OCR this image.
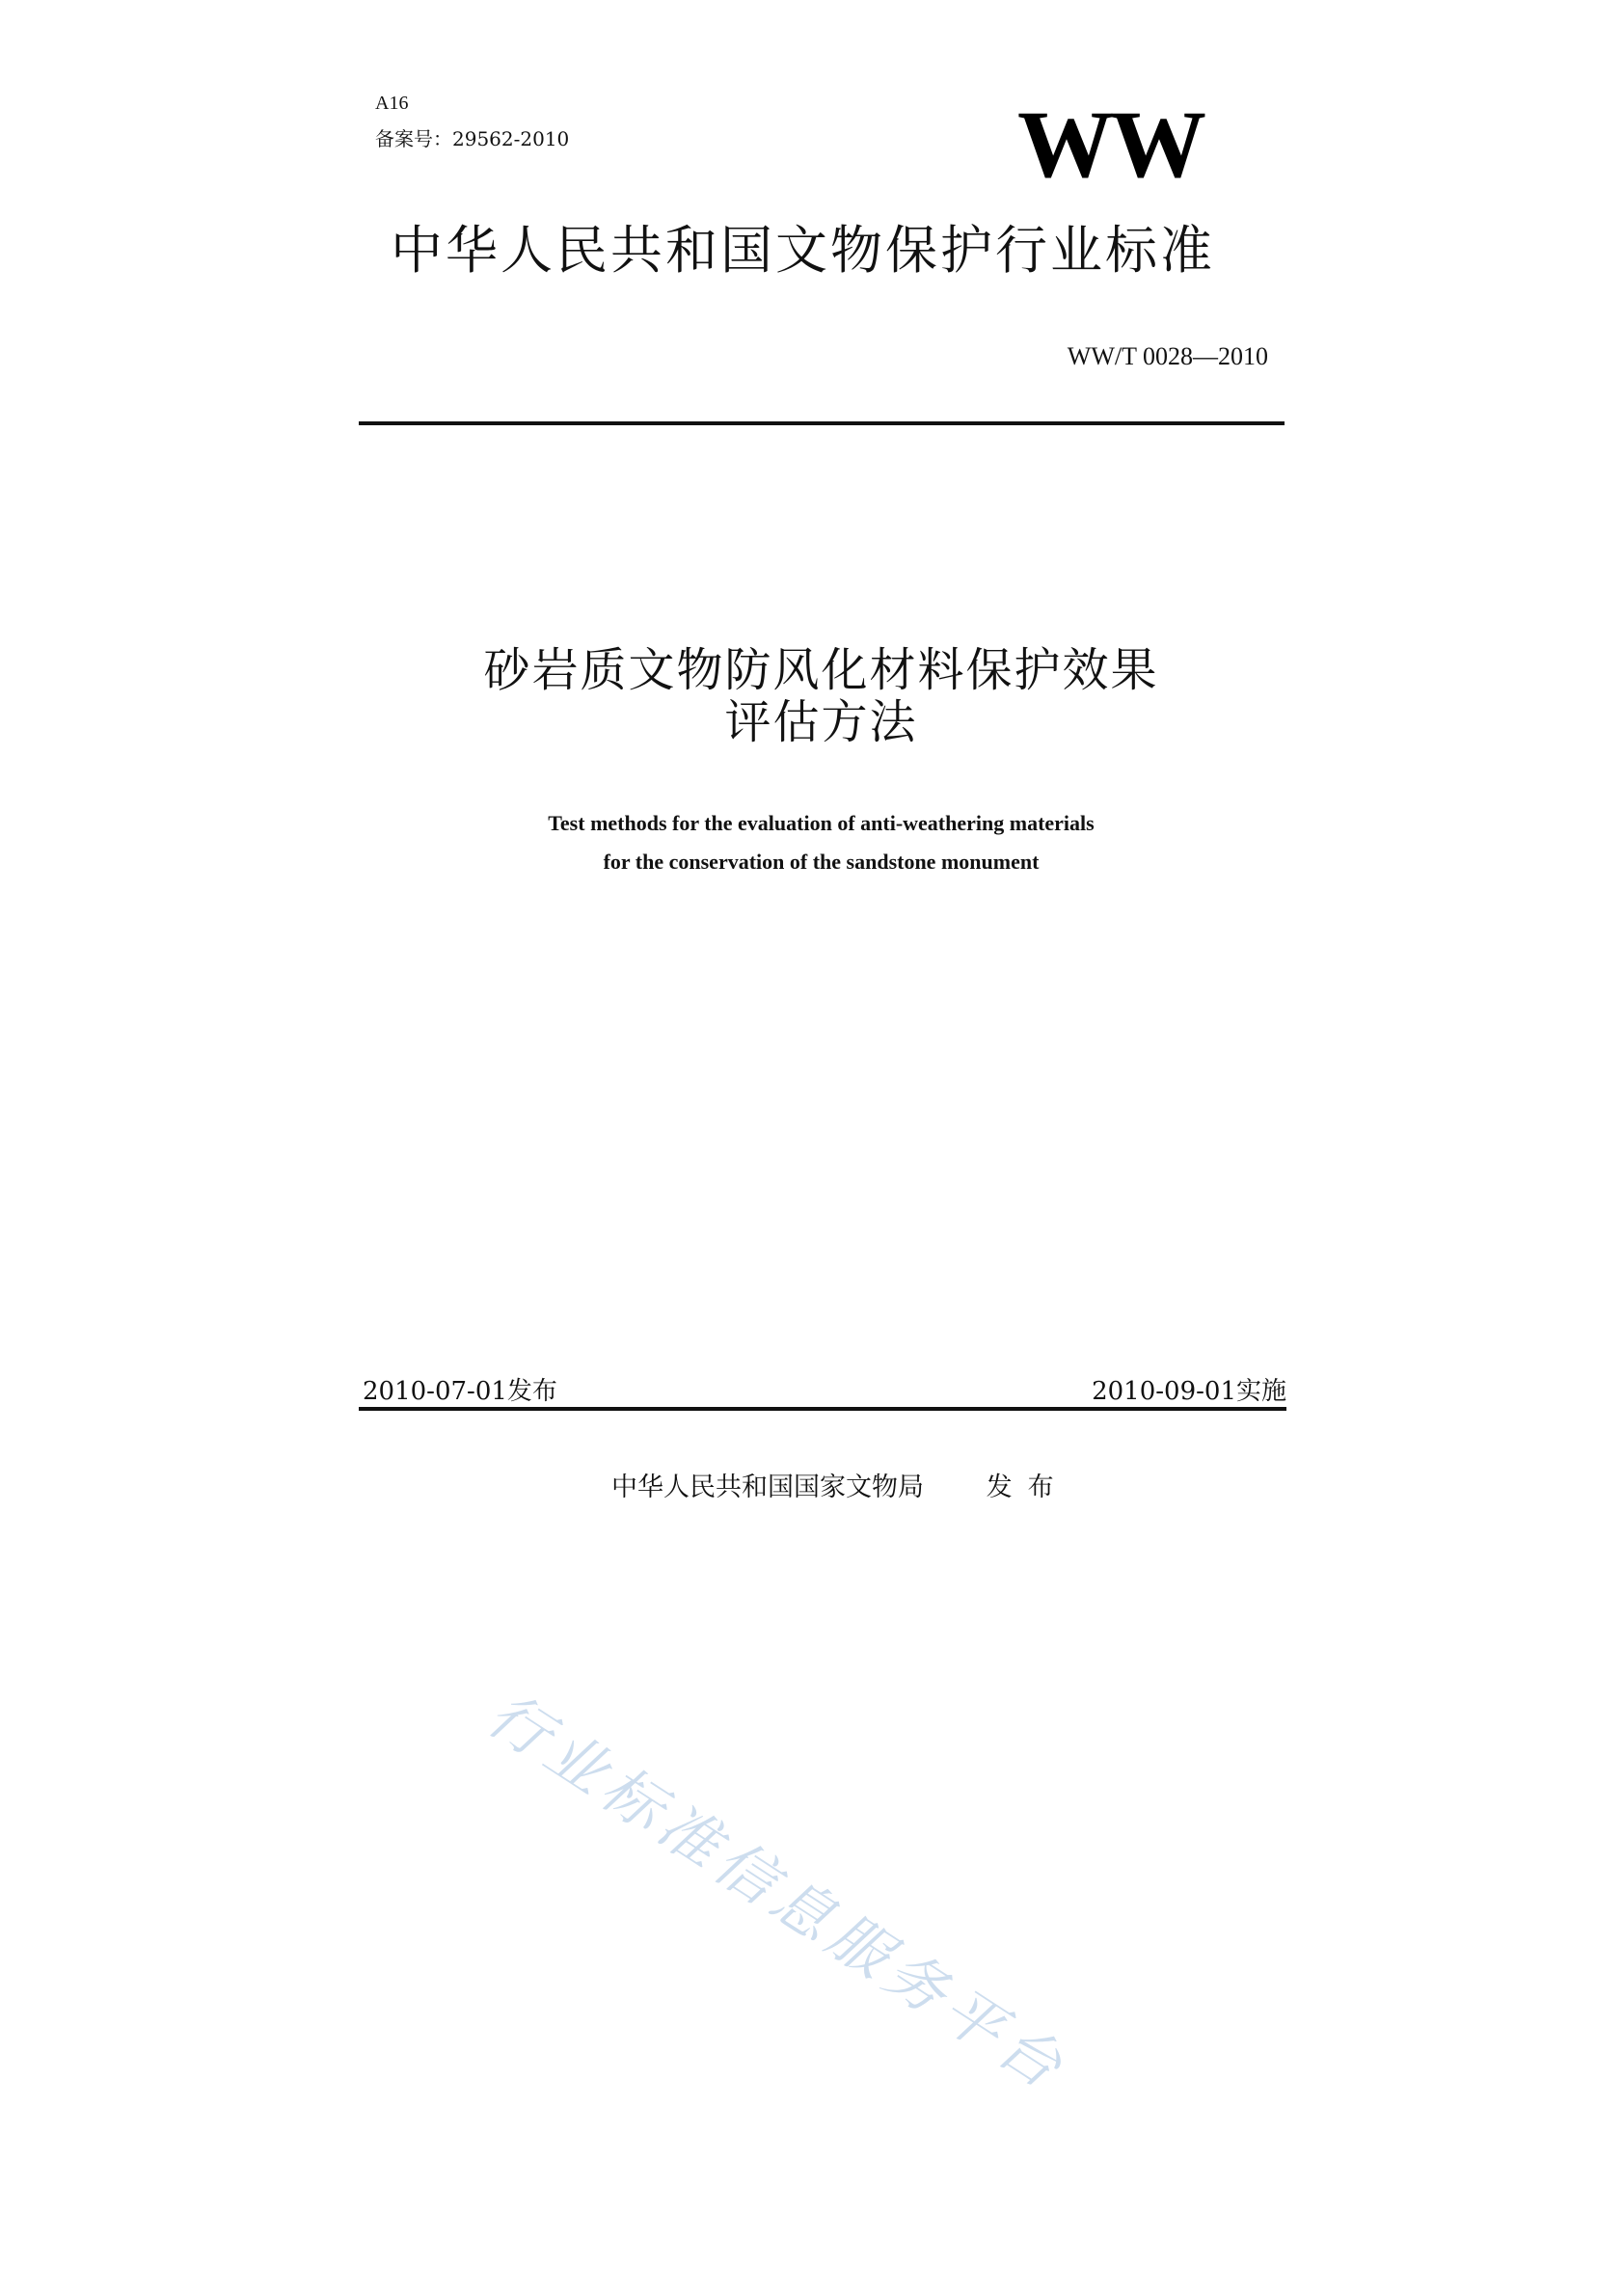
A16
备案号：29562-2010	WW
中华人民共和国文物保护行业标准
WW/T 0028—2010
砂岩质文物防风化材料保护效果
评估方法
Test methods for the evaluation of anti-weathering materials
for the conservation of the sandstone monument
2010-07-01发布	2010-09-01实施
中华人民共和国国家文物局 发布
行业标准信息服务平台
